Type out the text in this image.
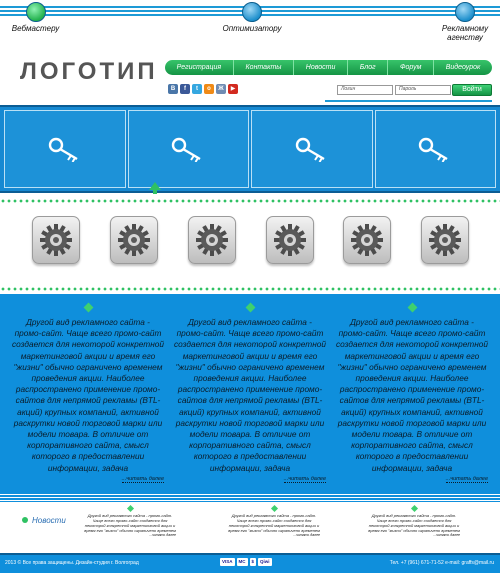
Вебмастеру	Оптимизатору	Рекламному агенству
ЛОГОТИП	Регистрация	Контакты	Новости	Блог	Форум	Видеоурок
B	f	t	o	Ж	▶	Логин	Пароль	Войти

Другой вид рекламного сайта - промо-сайт. Чаще всего промо-сайт создается для некоторой конкретной маркетинговой акции и время его "жизни" обычно ограничено временем проведения акции. Наиболее распространено применение промо-сайтов для непрямой рекламы (BTL-акций) крупных компаний, активной раскрутки новой торговой марки или модели товара. В отличие от корпоративного сайта, смысл которого в предоставлении информации, задача

...читать далее

Другой вид рекламного сайта - промо-сайт. Чаще всего промо-сайт создается для некоторой конкретной маркетинговой акции и время его "жизни" обычно ограничено временем проведения акции. Наиболее распространено применение промо-сайтов для непрямой рекламы (BTL-акций) крупных компаний, активной раскрутки новой торговой марки или модели товара. В отличие от корпоративного сайта, смысл которого в предоставлении информации, задача

...читать далее

Другой вид рекламного сайта - промо-сайт. Чаще всего промо-сайт создается для некоторой конкретной маркетинговой акции и время его "жизни" обычно ограничено временем проведения акции. Наиболее распространено применение промо-сайтов для непрямой рекламы (BTL-акций) крупных компаний, активной раскрутки новой торговой марки или модели товара. В отличие от корпоративного сайта, смысл которого в предоставлении информации, задача

...читать далее
Новости

Другой вид рекламного сайта - промо-сайт. Чаще всего промо-сайт создается для некоторой конкретной маркетинговой акции и время его "жизни" обычно ограничено временем

...читать далее

Другой вид рекламного сайта - промо-сайт. Чаще всего промо-сайт создается для некоторой конкретной маркетинговой акции и время его "жизни" обычно ограничено временем

...читать далее

Другой вид рекламного сайта - промо-сайт. Чаще всего промо-сайт создается для некоторой конкретной маркетинговой акции и время его "жизни" обычно ограничено временем

...читать далее
2013 © Все права защищены. Дизайн-студия г. Волгоград	VISA	MC	$	Qiwi	Тел. +7 (961) 671-71-52 e-mail: graffs@mail.ru
